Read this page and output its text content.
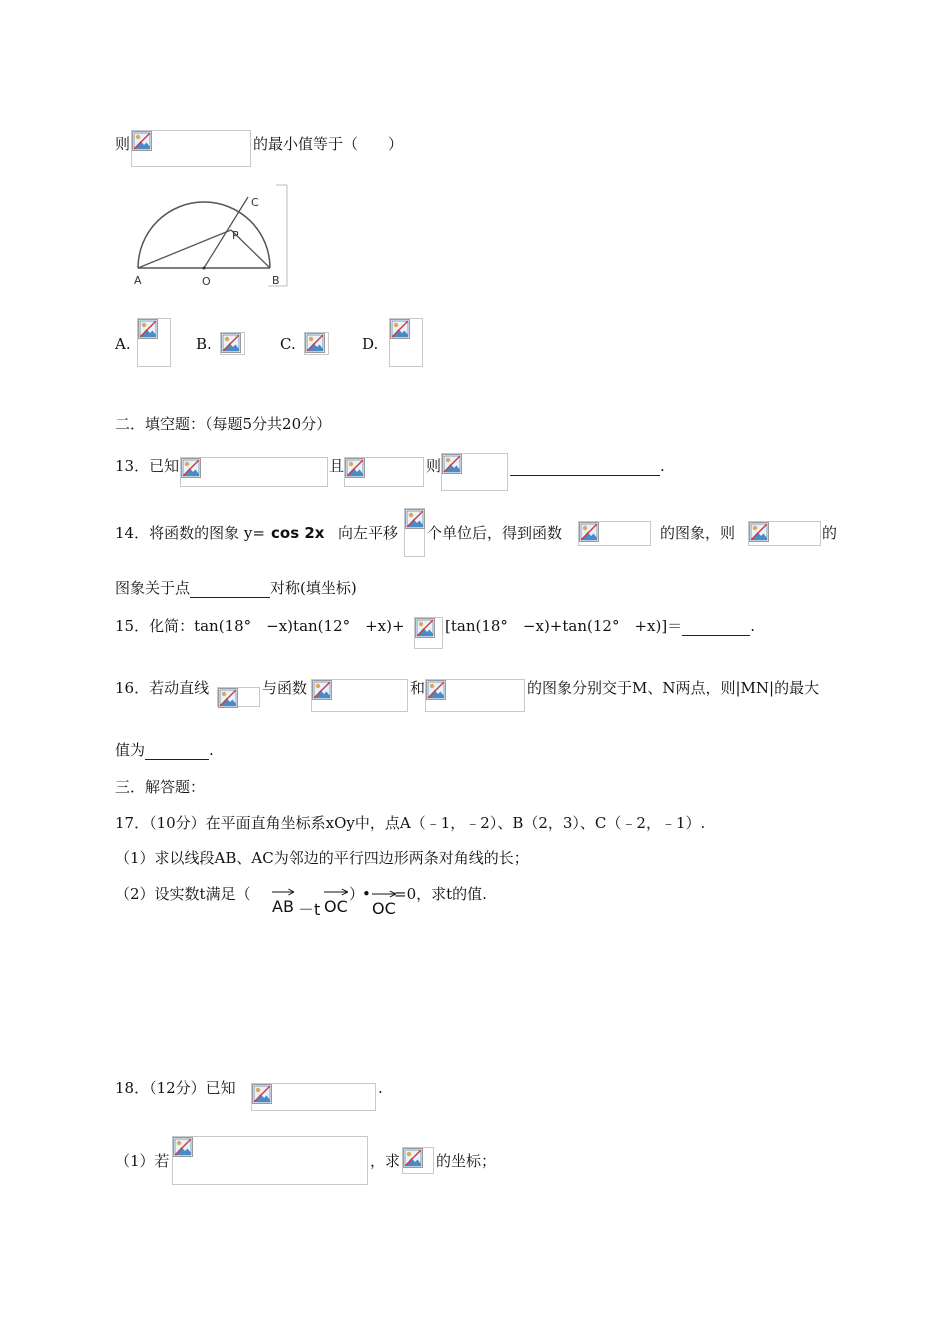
则	的最小值等于（　　）
A	O	B
C
P
A.	B.	C.	D.
二．填空题：（每题5分共20分）
13．已知	且	则	.
14．将函数的图象 y= cos 2x 向左平移 个单位后，得到函数	的图象，则	的
图象关于点	对称(填坐标)
15．化简：tan(18°　−x)tan(12°　+x)+	[tan(18°　−x)+tan(12°　+x)]＝	.
16．若动直线	与函数	和	的图象分别交于M、N两点，则|MN|的最大
值为	.
三．解答题：
17．（10分）在平面直角坐标系xOy中，点A（﹣1，﹣2）、B（2，3）、C（﹣2，﹣1）.
（1）求以线段AB、AC为邻边的平行四边形两条对角线的长；
（2）设实数t满足（
AB －t OC
）
•
OC
=0，求t的值.
18．（12分）已知	.
（1）若	，求 的坐标；
